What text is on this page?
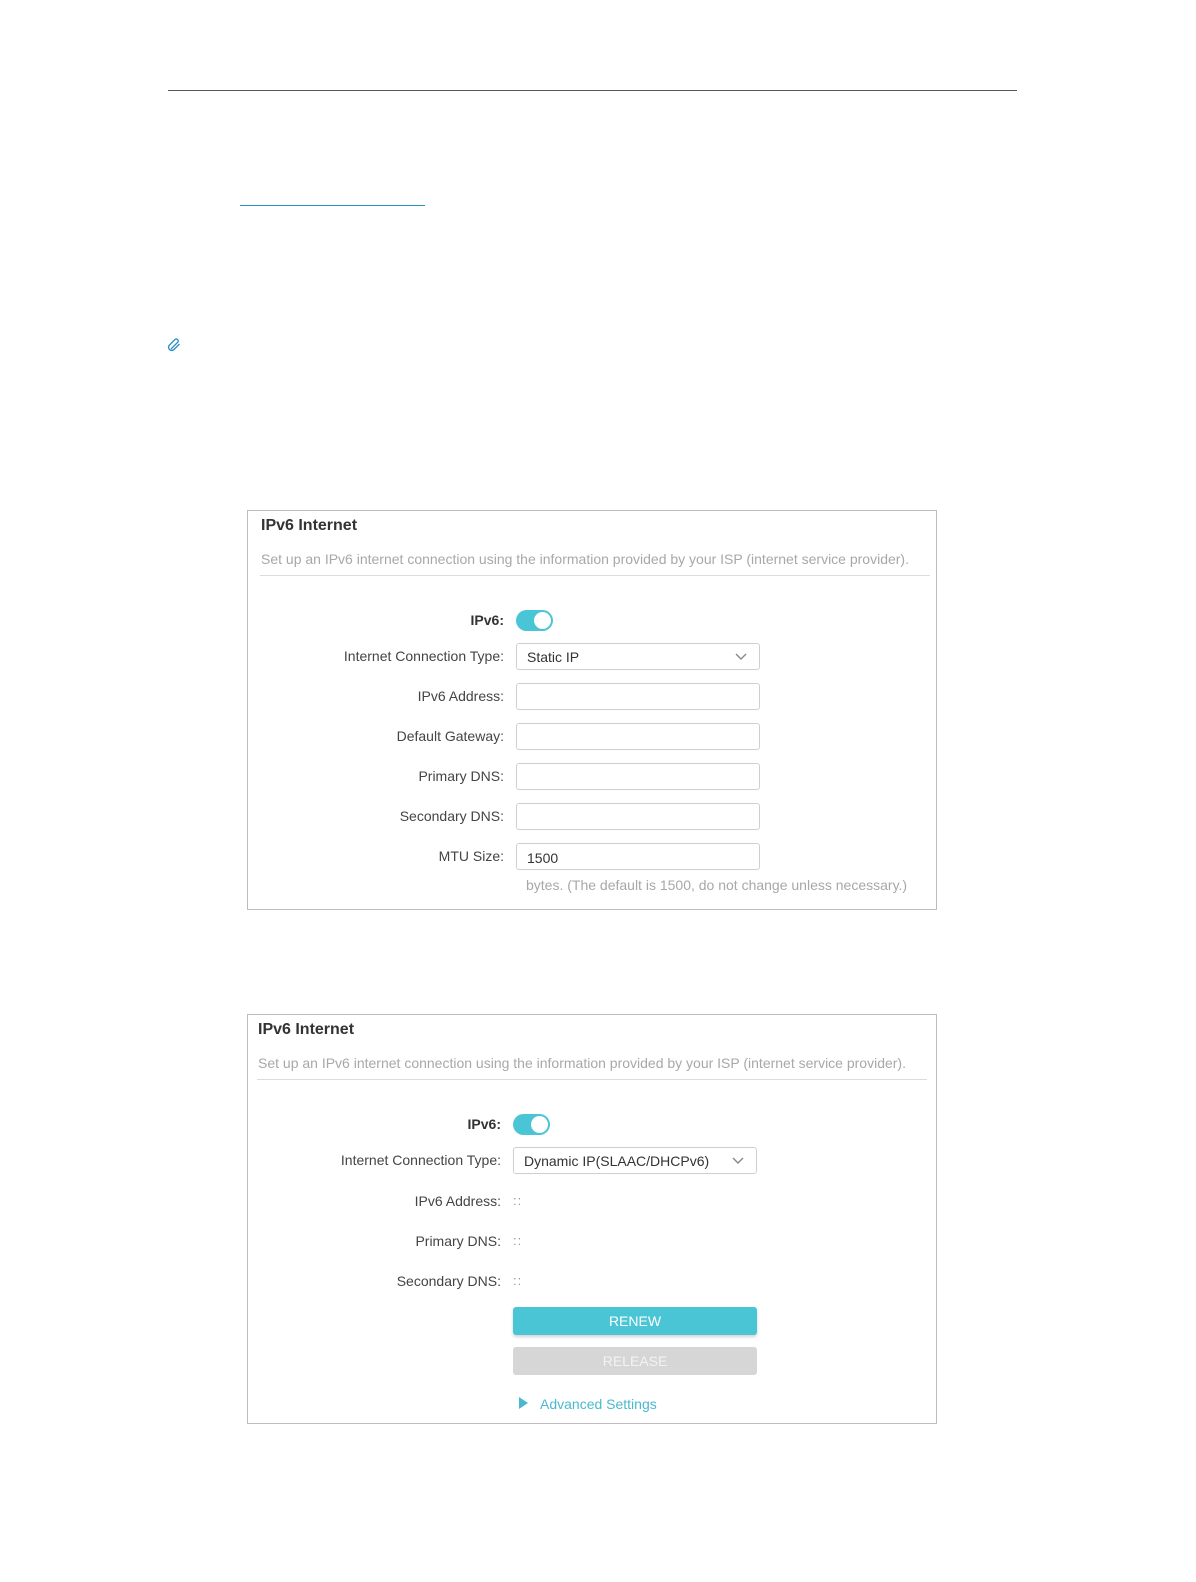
IPv6 Internet
Set up an IPv6 internet connection using the information provided by your ISP (internet service provider).
IPv6:
Internet Connection Type:	Static IP
IPv6 Address:
Default Gateway:
Primary DNS:
Secondary DNS:
MTU Size:	1500
bytes. (The default is 1500, do not change unless necessary.)
IPv6 Internet
Set up an IPv6 internet connection using the information provided by your ISP (internet service provider).
IPv6:
Internet Connection Type:	Dynamic IP(SLAAC/DHCPv6)
IPv6 Address: ::
Primary DNS: ::
Secondary DNS: ::
RENEW
RELEASE
Advanced Settings
